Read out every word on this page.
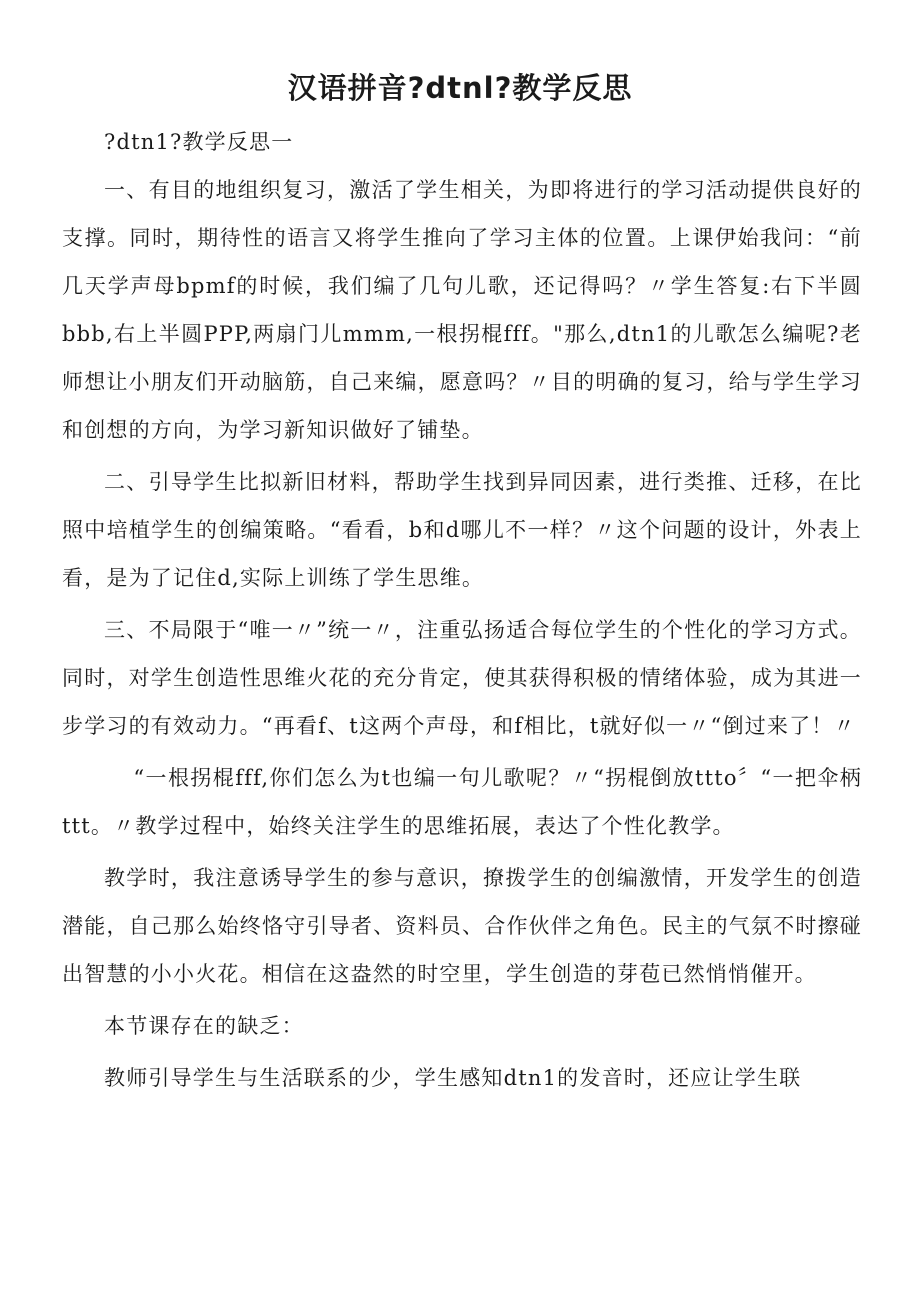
汉语拼音?dtnl?教学反思

?dtn1?教学反思一

一、有目的地组织复习，激活了学生相关，为即将进行的学习活动提供良好的支撑。同时，期待性的语言又将学生推向了学习主体的位置。上课伊始我问：“前几天学声母bpmf的时候，我们编了几句儿歌，还记得吗？〃学生答复:右下半圆bbb,右上半圆PPP,两扇门儿mmm,一根拐棍fff。"那么,dtn1的儿歌怎么编呢?老师想让小朋友们开动脑筋，自己来编，愿意吗？〃目的明确的复习，给与学生学习和创想的方向，为学习新知识做好了铺垫。

二、引导学生比拟新旧材料，帮助学生找到异同因素，进行类推、迁移，在比照中培植学生的创编策略。“看看，b和d哪儿不一样？〃这个问题的设计，外表上看，是为了记住d,实际上训练了学生思维。

三、不局限于“唯一〃”统一〃，注重弘扬适合每位学生的个性化的学习方式。同时，对学生创造性思维火花的充分肯定，使其获得积极的情绪体验，成为其进一步学习的有效动力。“再看f、t这两个声母，和f相比，t就好似一〃“倒过来了！〃

“一根拐棍fff,你们怎么为t也编一句儿歌呢？〃“拐棍倒放ttto〞“一把伞柄ttt。〃教学过程中，始终关注学生的思维拓展，表达了个性化教学。

教学时，我注意诱导学生的参与意识，撩拨学生的创编激情，开发学生的创造潜能，自己那么始终恪守引导者、资料员、合作伙伴之角色。民主的气氛不时擦碰出智慧的小小火花。相信在这盎然的时空里，学生创造的芽苞已然悄悄催开。

本节课存在的缺乏：

教师引导学生与生活联系的少，学生感知dtn1的发音时，还应让学生联
